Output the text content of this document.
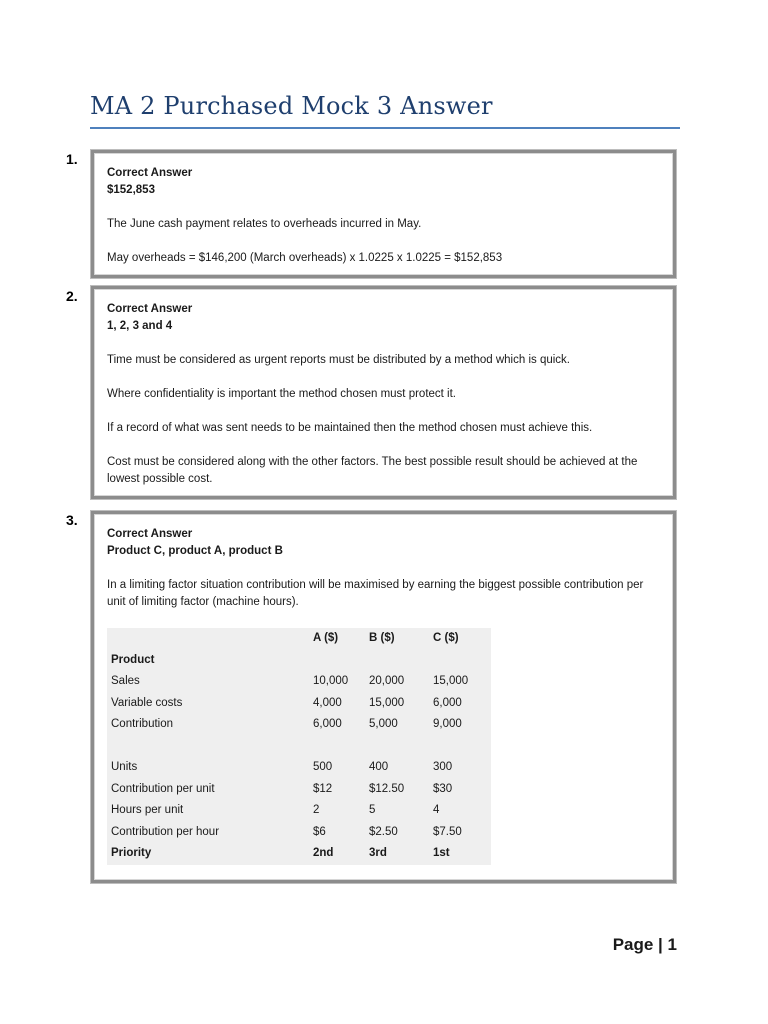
MA 2 Purchased Mock 3 Answer
1.

Correct Answer

$152,853

The June cash payment relates to overheads incurred in May.

May overheads = $146,200 (March overheads) x 1.0225 x 1.0225 = $152,853

2.

Correct Answer

1, 2, 3 and 4

Time must be considered as urgent reports must be distributed by a method which is quick.

Where confidentiality is important the method chosen must protect it.

If a record of what was sent needs to be maintained then the method chosen must achieve this.

Cost must be considered along with the other factors. The best possible result should be achieved at the lowest possible cost.

3.

Correct Answer

Product C, product A, product B

In a limiting factor situation contribution will be maximised by earning the biggest possible contribution per unit of limiting factor (machine hours).

	A ($)	B ($)	C ($)
Product			
Sales	10,000	20,000	15,000
Variable costs	4,000	15,000	6,000
Contribution	6,000	5,000	9,000

Units	500	400	300
Contribution per unit	$12	$12.50	$30
Hours per unit	2	5	4
Contribution per hour	$6	$2.50	$7.50
Priority	2nd	3rd	1st
Page | 1
